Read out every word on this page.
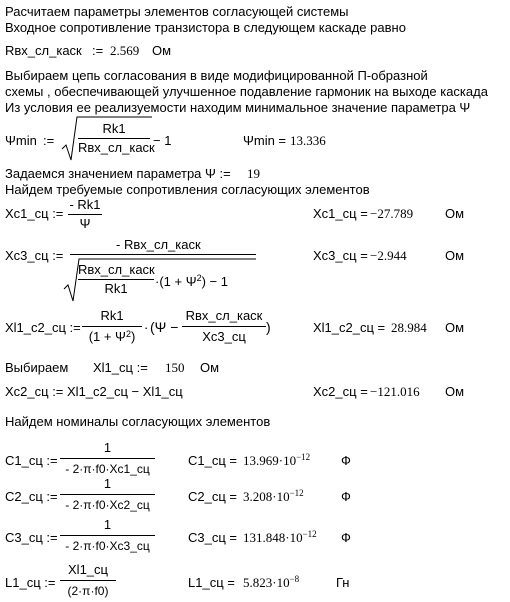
Расчитаем параметры элементов согласующей системы
Входное сопротивление транзистора в следующем каскаде равно
Rвх_сл_каск := 2.569 Ом
Выбираем цепь согласования в виде модифицированной П-образной
схемы , обеспечивающей улучшенное подавление гармоник на выходе каскада
Из условия ее реализуемости находим минимальное значение параметра Ψ
Ψmin :=
Rk1
Rвх_сл_каск
− 1	Ψmin = 13.336
Задаемся значением параметра Ψ := 19
Найдем требуемые сопротивления согласующих элементов
Xc1_сц :=
- Rk1
Ψ
Xc1_сц = −27.789 Ом
Xc3_сц :=
- Rвх_сл_каск
Rвх_сл_каск
Rk1	$\cdot(1 + \Psi^2) - 1$
Xc3_сц = −2.944	Ом
Xl1_c2_сц :=
Rk1
$(1 + \Psi^2)$
· (Ψ −
Rвх_сл_каск
Xc3_сц
)	Xl1_c2_сц = 28.984 Ом
Выбираем Xl1_сц := 150 Ом
Xc2_сц := Xl1_c2_сц − Xl1_сц	Xc2_сц = −121.016 Ом
Найдем номиналы согласующих элементов
C1_сц :=
1
- 2·π·f0·Xc1_сц
C1_сц = $13.969\cdot 10^{-12}$ Ф
C2_сц :=
1
- 2·π·f0·Xc2_сц
C2_сц = $3.208\cdot 10^{-12}$	Ф
C3_сц :=
1
- 2·π·f0·Xc3_сц
C3_сц = $131.848\cdot 10^{-12}$ Ф
L1_сц :=
Xl1_сц
(2·π·f0)
L1_сц = $5.823\cdot 10^{-8}$	Гн
